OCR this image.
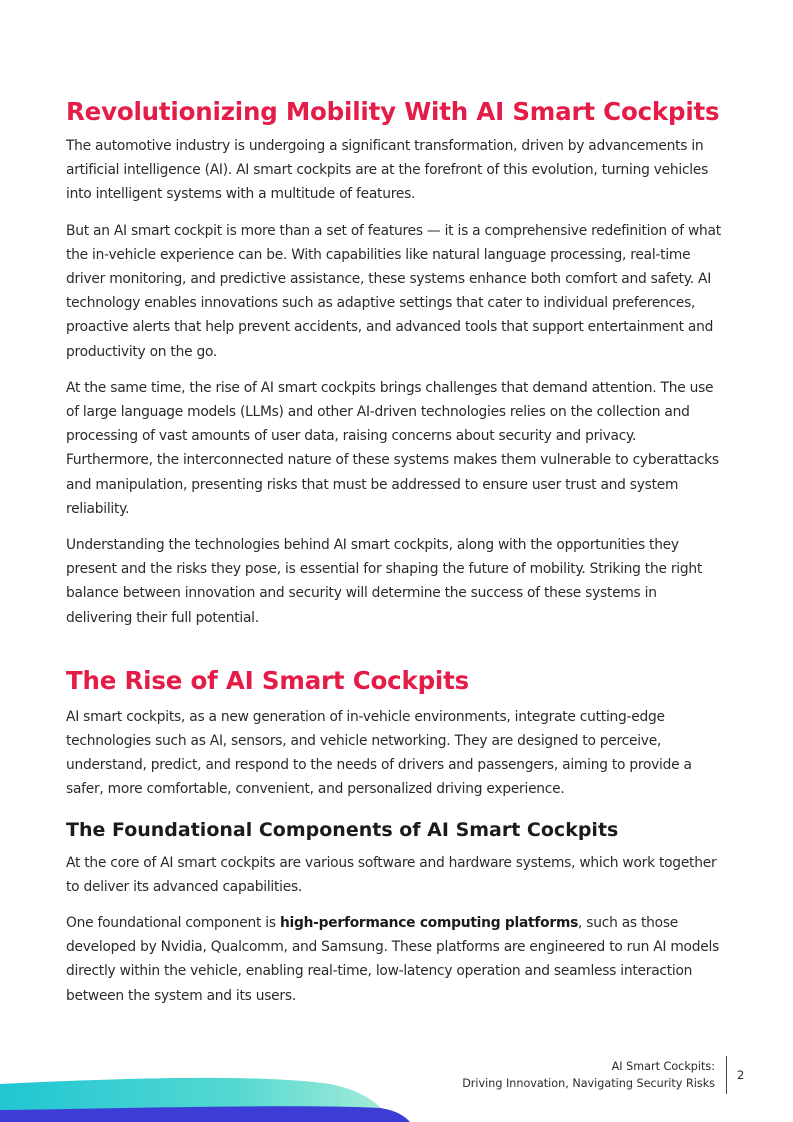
Revolutionizing Mobility With AI Smart Cockpits

The automotive industry is undergoing a significant transformation, driven by advancements in artificial intelligence (AI). AI smart cockpits are at the forefront of this evolution, turning vehicles into intelligent systems with a multitude of features.

But an AI smart cockpit is more than a set of features — it is a comprehensive redefinition of what the in-vehicle experience can be. With capabilities like natural language processing, real-time driver monitoring, and predictive assistance, these systems enhance both comfort and safety. AI technology enables innovations such as adaptive settings that cater to individual preferences, proactive alerts that help prevent accidents, and advanced tools that support entertainment and productivity on the go.

At the same time, the rise of AI smart cockpits brings challenges that demand attention. The use of large language models (LLMs) and other AI-driven technologies relies on the collection and processing of vast amounts of user data, raising concerns about security and privacy. Furthermore, the interconnected nature of these systems makes them vulnerable to cyberattacks and manipulation, presenting risks that must be addressed to ensure user trust and system reliability.

Understanding the technologies behind AI smart cockpits, along with the opportunities they present and the risks they pose, is essential for shaping the future of mobility. Striking the right balance between innovation and security will determine the success of these systems in delivering their full potential.

The Rise of AI Smart Cockpits

AI smart cockpits, as a new generation of in-vehicle environments, integrate cutting-edge technologies such as AI, sensors, and vehicle networking. They are designed to perceive, understand, predict, and respond to the needs of drivers and passengers, aiming to provide a safer, more comfortable, convenient, and personalized driving experience.

The Foundational Components of AI Smart Cockpits

At the core of AI smart cockpits are various software and hardware systems, which work together to deliver its advanced capabilities.

One foundational component is high-performance computing platforms, such as those developed by Nvidia, Qualcomm, and Samsung. These platforms are engineered to run AI models directly within the vehicle, enabling real-time, low-latency operation and seamless interaction between the system and its users.

AI Smart Cockpits:
Driving Innovation, Navigating Security Risks
2
